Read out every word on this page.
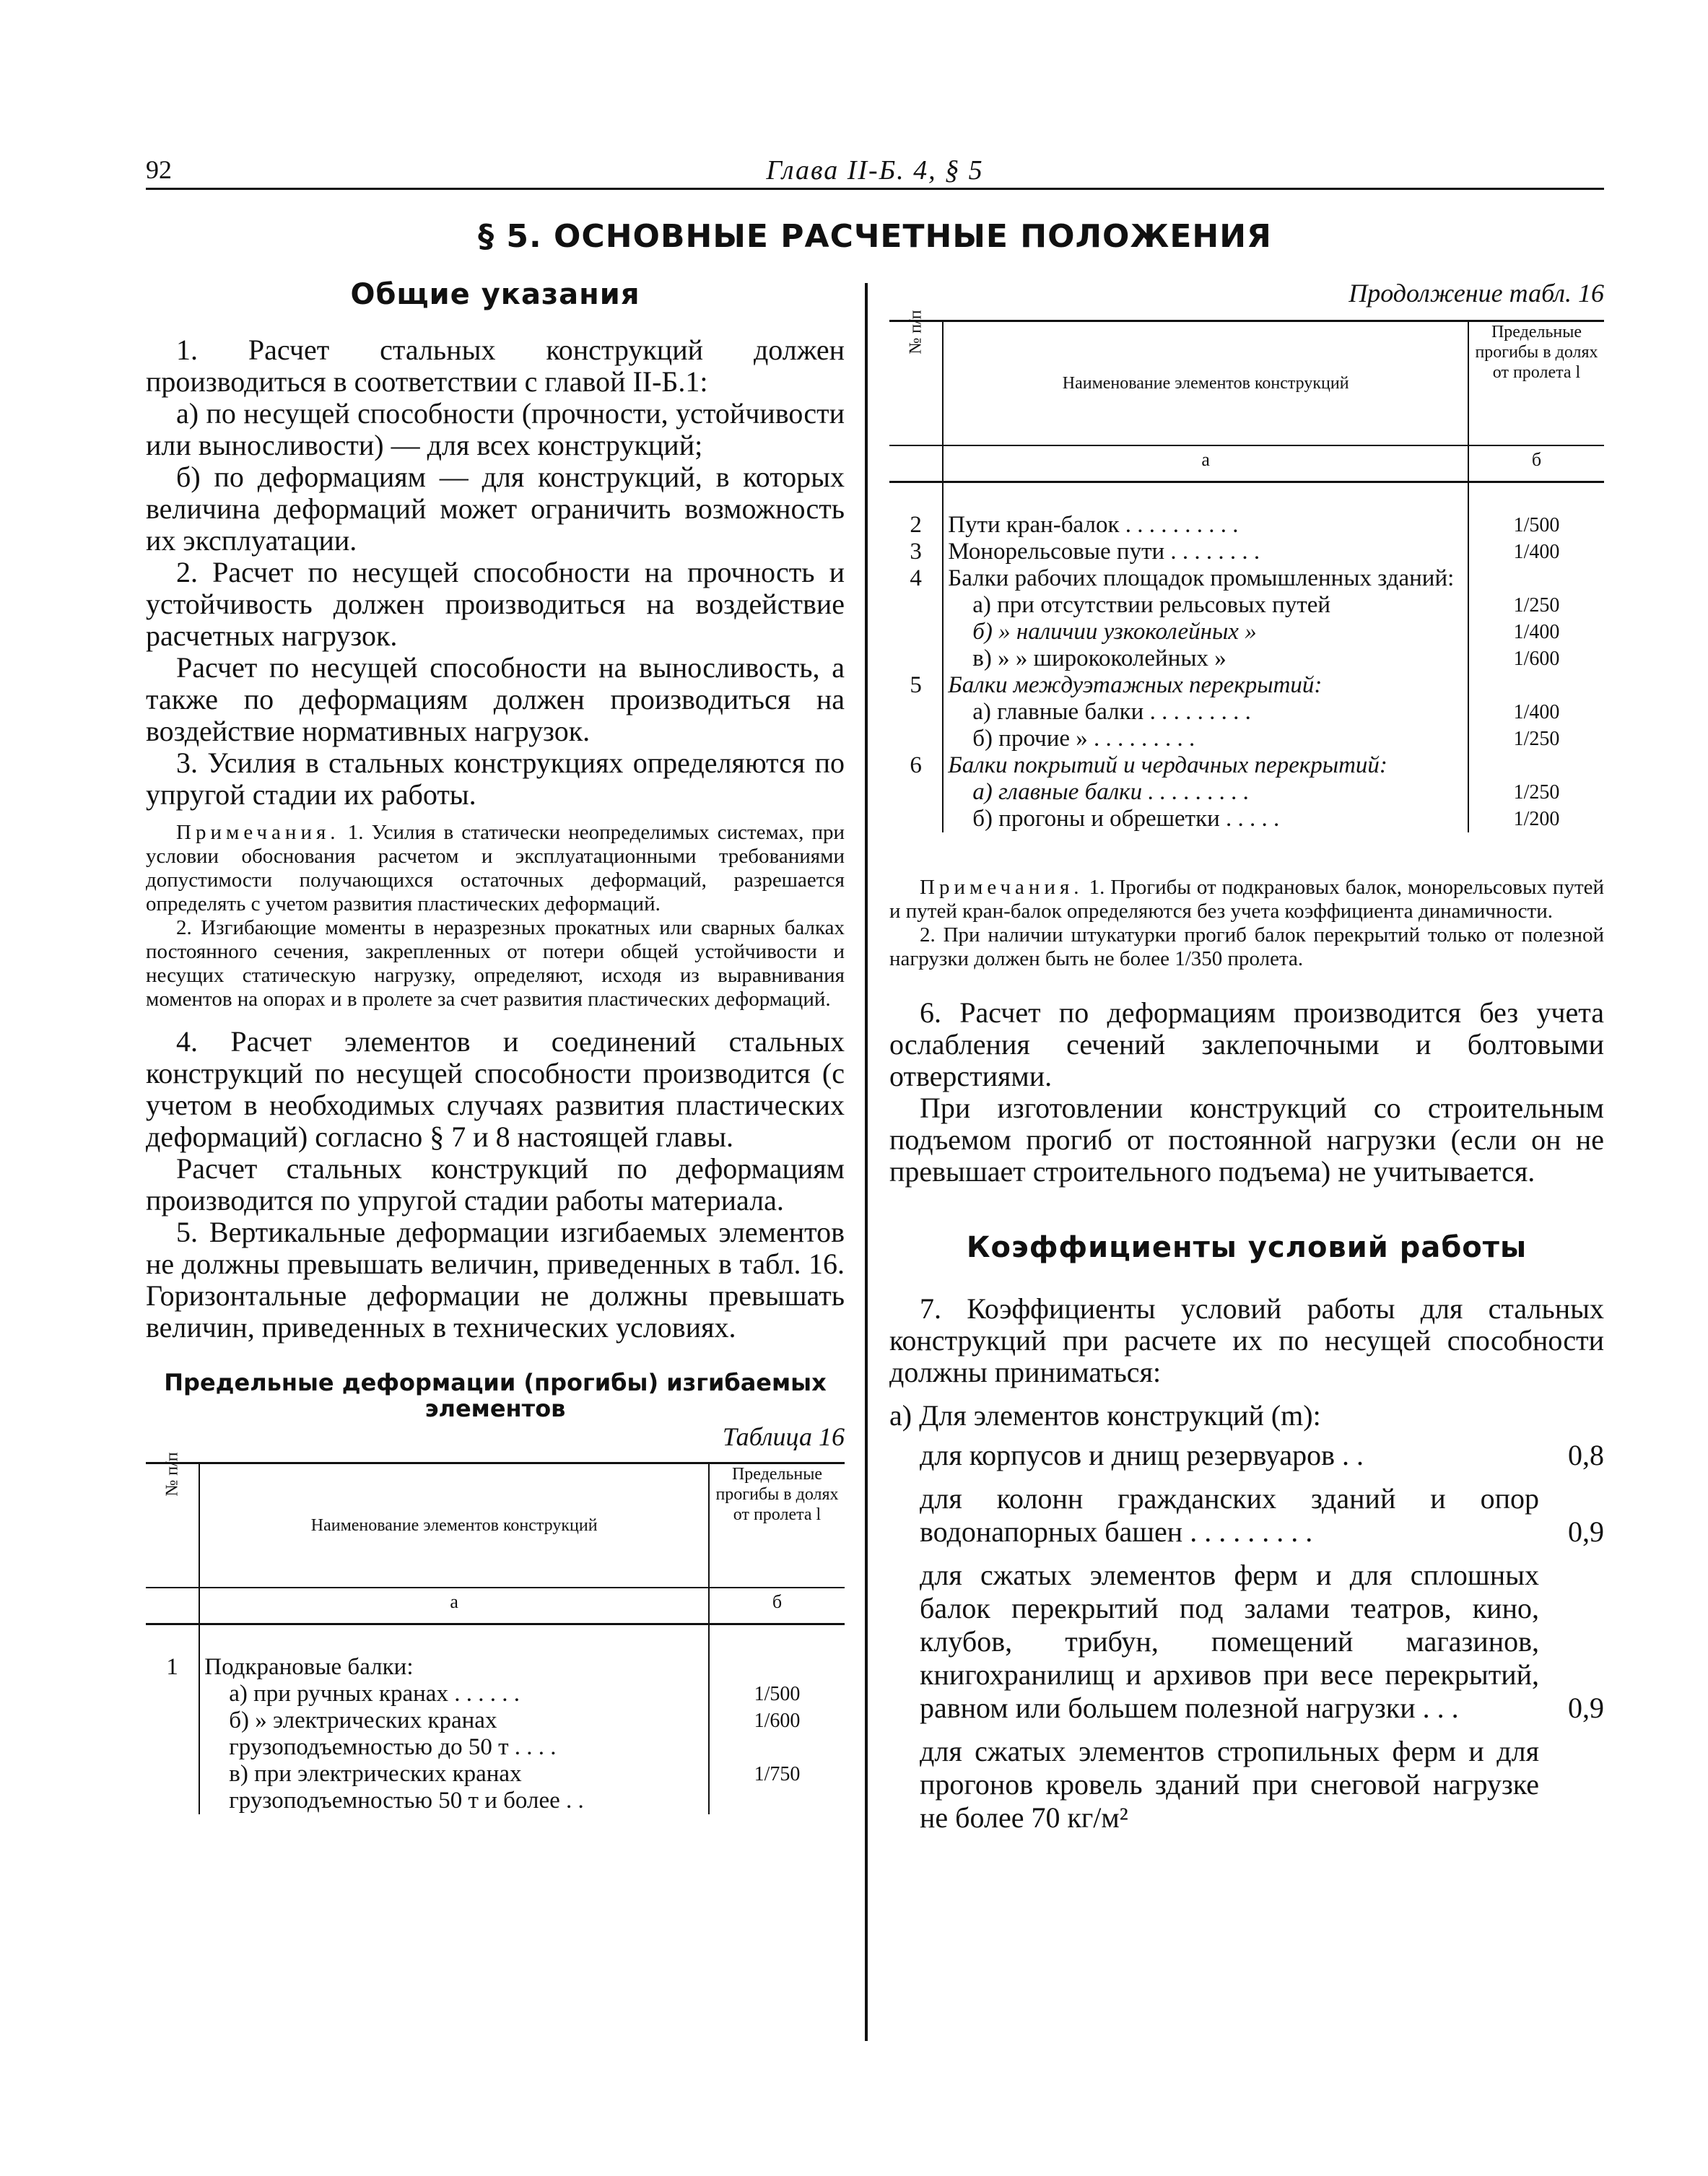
92	Глава II-Б. 4, § 5
§ 5. ОСНОВНЫЕ РАСЧЕТНЫЕ ПОЛОЖЕНИЯ
Общие указания

1. Расчет стальных конструкций должен производиться в соответствии с главой II-Б.1:

а) по несущей способности (прочности, устойчивости или выносливости) — для всех конструкций;

б) по деформациям — для конструкций, в которых величина деформаций может ограничить возможность их эксплуатации.

2. Расчет по несущей способности на прочность и устойчивость должен производиться на воздействие расчетных нагрузок.

Расчет по несущей способности на выносливость, а также по деформациям должен производиться на воздействие нормативных нагрузок.

3. Усилия в стальных конструкциях определяются по упругой стадии их работы.

Примечания. 1. Усилия в статически неопределимых системах, при условии обоснования расчетом и эксплуатационными требованиями допустимости получающихся остаточных деформаций, разрешается определять с учетом развития пластических деформаций.

2. Изгибающие моменты в неразрезных прокатных или сварных балках постоянного сечения, закрепленных от потери общей устойчивости и несущих статическую нагрузку, определяют, исходя из выравнивания моментов на опорах и в пролете за счет развития пластических деформаций.

4. Расчет элементов и соединений стальных конструкций по несущей способности производится (с учетом в необходимых случаях развития пластических деформаций) согласно § 7 и 8 настоящей главы.

Расчет стальных конструкций по деформациям производится по упругой стадии работы материала.

5. Вертикальные деформации изгибаемых элементов не должны превышать величин, приведенных в табл. 16. Горизонтальные деформации не должны превышать величин, приведенных в технических условиях.

Предельные деформации (прогибы) изгибаемых элементов
Таблица 16
№ п/п	Наименование элементов конструкций	Предельные прогибы в долях от пролета l
	а	б
1	Подкрановые балки:	
	а) при ручных кранах . . . . . .	1/500
	б) » электрических кранах грузоподъемностью до 50 т . . . .	1/600
	в) при электрических кранах грузоподъемностью 50 т и более . .	1/750
Продолжение табл. 16
№ п/п	Наименование элементов конструкций	Предельные прогибы в долях от пролета l
	а	б
2	Пути кран-балок . . . . . . . . . .	1/500
3	Монорельсовые пути . . . . . . . .	1/400
4	Балки рабочих площадок промышленных зданий:	
	а) при отсутствии рельсовых путей	1/250
	б) » наличии узкоколейных »	1/400
	в) » » ширококолейных »	1/600
5	Балки междуэтажных перекрытий:	
	а) главные балки . . . . . . . . .	1/400
	б) прочие » . . . . . . . . .	1/250
6	Балки покрытий и чердачных перекрытий:	
	а) главные балки . . . . . . . . .	1/250
	б) прогоны и обрешетки . . . . .	1/200

Примечания. 1. Прогибы от подкрановых балок, монорельсовых путей и путей кран-балок определяются без учета коэффициента динамичности.

2. При наличии штукатурки прогиб балок перекрытий только от полезной нагрузки должен быть не более 1/350 пролета.

6. Расчет по деформациям производится без учета ослабления сечений заклепочными и болтовыми отверстиями.

При изготовлении конструкций со строительным подъемом прогиб от постоянной нагрузки (если он не превышает строительного подъема) не учитывается.

Коэффициенты условий работы

7. Коэффициенты условий работы для стальных конструкций при расчете их по несущей способности должны приниматься:

а) Для элементов конструкций (m):

для корпусов и днищ резервуаров . .	0,8
для колонн гражданских зданий и опор водонапорных башен . . . . . . . . .	0,9
для сжатых элементов ферм и для сплошных балок перекрытий под залами театров, кино, клубов, трибун, помещений магазинов, книгохранилищ и архивов при весе перекрытий, равном или большем полезной нагрузки . . .	0,9
для сжатых элементов стропильных ферм и для прогонов кровель зданий при снеговой нагрузке не более 70 кг/м²
